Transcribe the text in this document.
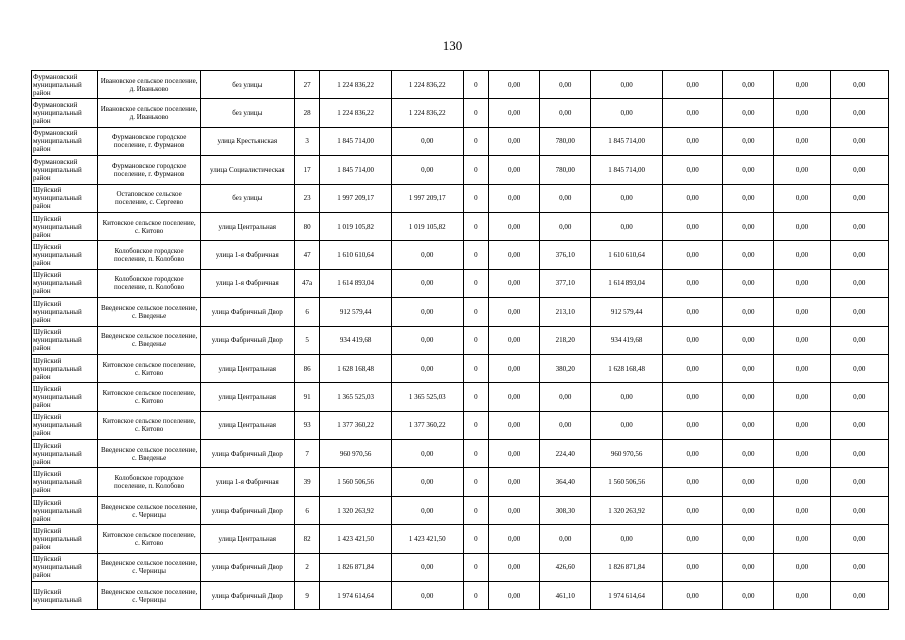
130
Фурмановский муниципальный район	Ивановское сельское поселение, д. Иваньково	без улицы	27	1 224 836,22	1 224 836,22	0	0,00	0,00	0,00	0,00	0,00	0,00	0,00
Фурмановский муниципальный район	Ивановское сельское поселение, д. Иваньково	без улицы	28	1 224 836,22	1 224 836,22	0	0,00	0,00	0,00	0,00	0,00	0,00	0,00
Фурмановский муниципальный район	Фурмановское городское поселение, г. Фурманов	улица Крестьянская	3	1 845 714,00	0,00	0	0,00	780,00	1 845 714,00	0,00	0,00	0,00	0,00
Фурмановский муниципальный район	Фурмановское городское поселение, г. Фурманов	улица Социалистическая	17	1 845 714,00	0,00	0	0,00	780,00	1 845 714,00	0,00	0,00	0,00	0,00
Шуйский муниципальный район	Остаповское сельское поселение, с. Сергеево	без улицы	23	1 997 209,17	1 997 209,17	0	0,00	0,00	0,00	0,00	0,00	0,00	0,00
Шуйский муниципальный район	Китовское сельское поселение, с. Китово	улица Центральная	80	1 019 105,82	1 019 105,82	0	0,00	0,00	0,00	0,00	0,00	0,00	0,00
Шуйский муниципальный район	Колобовское городское поселение, п. Колобово	улица 1-я Фабричная	47	1 610 610,64	0,00	0	0,00	376,10	1 610 610,64	0,00	0,00	0,00	0,00
Шуйский муниципальный район	Колобовское городское поселение, п. Колобово	улица 1-я Фабричная	47а	1 614 893,04	0,00	0	0,00	377,10	1 614 893,04	0,00	0,00	0,00	0,00
Шуйский муниципальный район	Введенское сельское поселение, с. Введенье	улица Фабричный Двор	6	912 579,44	0,00	0	0,00	213,10	912 579,44	0,00	0,00	0,00	0,00
Шуйский муниципальный район	Введенское сельское поселение, с. Введенье	улица Фабричный Двор	5	934 419,68	0,00	0	0,00	218,20	934 419,68	0,00	0,00	0,00	0,00
Шуйский муниципальный район	Китовское сельское поселение, с. Китово	улица Центральная	86	1 628 168,48	0,00	0	0,00	380,20	1 628 168,48	0,00	0,00	0,00	0,00
Шуйский муниципальный район	Китовское сельское поселение, с. Китово	улица Центральная	91	1 365 525,03	1 365 525,03	0	0,00	0,00	0,00	0,00	0,00	0,00	0,00
Шуйский муниципальный район	Китовское сельское поселение, с. Китово	улица Центральная	93	1 377 360,22	1 377 360,22	0	0,00	0,00	0,00	0,00	0,00	0,00	0,00
Шуйский муниципальный район	Введенское сельское поселение, с. Введенье	улица Фабричный Двор	7	960 970,56	0,00	0	0,00	224,40	960 970,56	0,00	0,00	0,00	0,00
Шуйский муниципальный район	Колобовское городское поселение, п. Колобово	улица 1-я Фабричная	39	1 560 506,56	0,00	0	0,00	364,40	1 560 506,56	0,00	0,00	0,00	0,00
Шуйский муниципальный район	Введенское сельское поселение, с. Черницы	улица Фабричный Двор	6	1 320 263,92	0,00	0	0,00	308,30	1 320 263,92	0,00	0,00	0,00	0,00
Шуйский муниципальный район	Китовское сельское поселение, с. Китово	улица Центральная	82	1 423 421,50	1 423 421,50	0	0,00	0,00	0,00	0,00	0,00	0,00	0,00
Шуйский муниципальный район	Введенское сельское поселение, с. Черницы	улица Фабричный Двор	2	1 826 871,84	0,00	0	0,00	426,60	1 826 871,84	0,00	0,00	0,00	0,00
Шуйский муниципальный	Введенское сельское поселение, с. Черницы	улица Фабричный Двор	9	1 974 614,64	0,00	0	0,00	461,10	1 974 614,64	0,00	0,00	0,00	0,00
